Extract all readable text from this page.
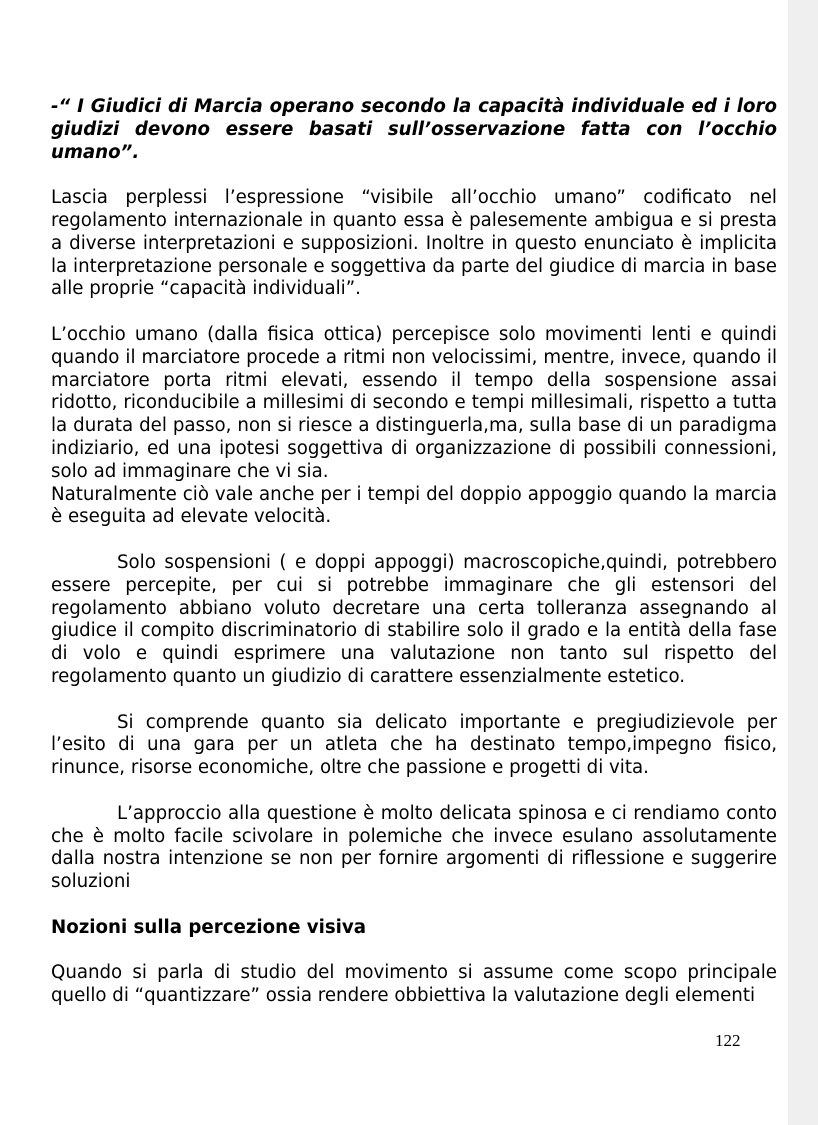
-“ I Giudici di Marcia operano secondo la capacità individuale ed i loro giudizi devono essere basati sull’osservazione fatta con l’occhio umano”.

Lascia perplessi l’espressione “visibile all’occhio umano” codificato nel regolamento internazionale in quanto essa è palesemente ambigua e si presta a diverse interpretazioni e supposizioni. Inoltre in questo enunciato è implicita la interpretazione personale e soggettiva da parte del giudice di marcia in base alle proprie “capacità individuali”.

L’occhio umano (dalla fisica ottica) percepisce solo movimenti lenti e quindi quando il marciatore procede a ritmi non velocissimi, mentre, invece, quando il marciatore porta ritmi elevati, essendo il tempo della sospensione assai ridotto, riconducibile a millesimi di secondo e tempi millesimali, rispetto a tutta la durata del passo, non si riesce a distinguerla,ma, sulla base di un paradigma indiziario, ed una ipotesi soggettiva di organizzazione di possibili connessioni, solo ad immaginare che vi sia.

Naturalmente ciò vale anche per i tempi del doppio appoggio quando la marcia è eseguita ad elevate velocità.

Solo sospensioni ( e doppi appoggi) macroscopiche,quindi, potrebbero essere percepite, per cui si potrebbe immaginare che gli estensori del regolamento abbiano voluto decretare una certa tolleranza assegnando al giudice il compito discriminatorio di stabilire solo il grado e la entità della fase di volo e quindi esprimere una valutazione non tanto sul rispetto del regolamento quanto un giudizio di carattere essenzialmente estetico.

Si comprende quanto sia delicato importante e pregiudizievole per l’esito di una gara per un atleta che ha destinato tempo,impegno fisico, rinunce, risorse economiche, oltre che passione e progetti di vita.

L’approccio alla questione è molto delicata spinosa e ci rendiamo conto che è molto facile scivolare in polemiche che invece esulano assolutamente dalla nostra intenzione se non per fornire argomenti di riflessione e suggerire soluzioni

Nozioni sulla percezione visiva

Quando si parla di studio del movimento si assume come scopo principale quello di “quantizzare” ossia rendere obbiettiva la valutazione degli elementi

122
